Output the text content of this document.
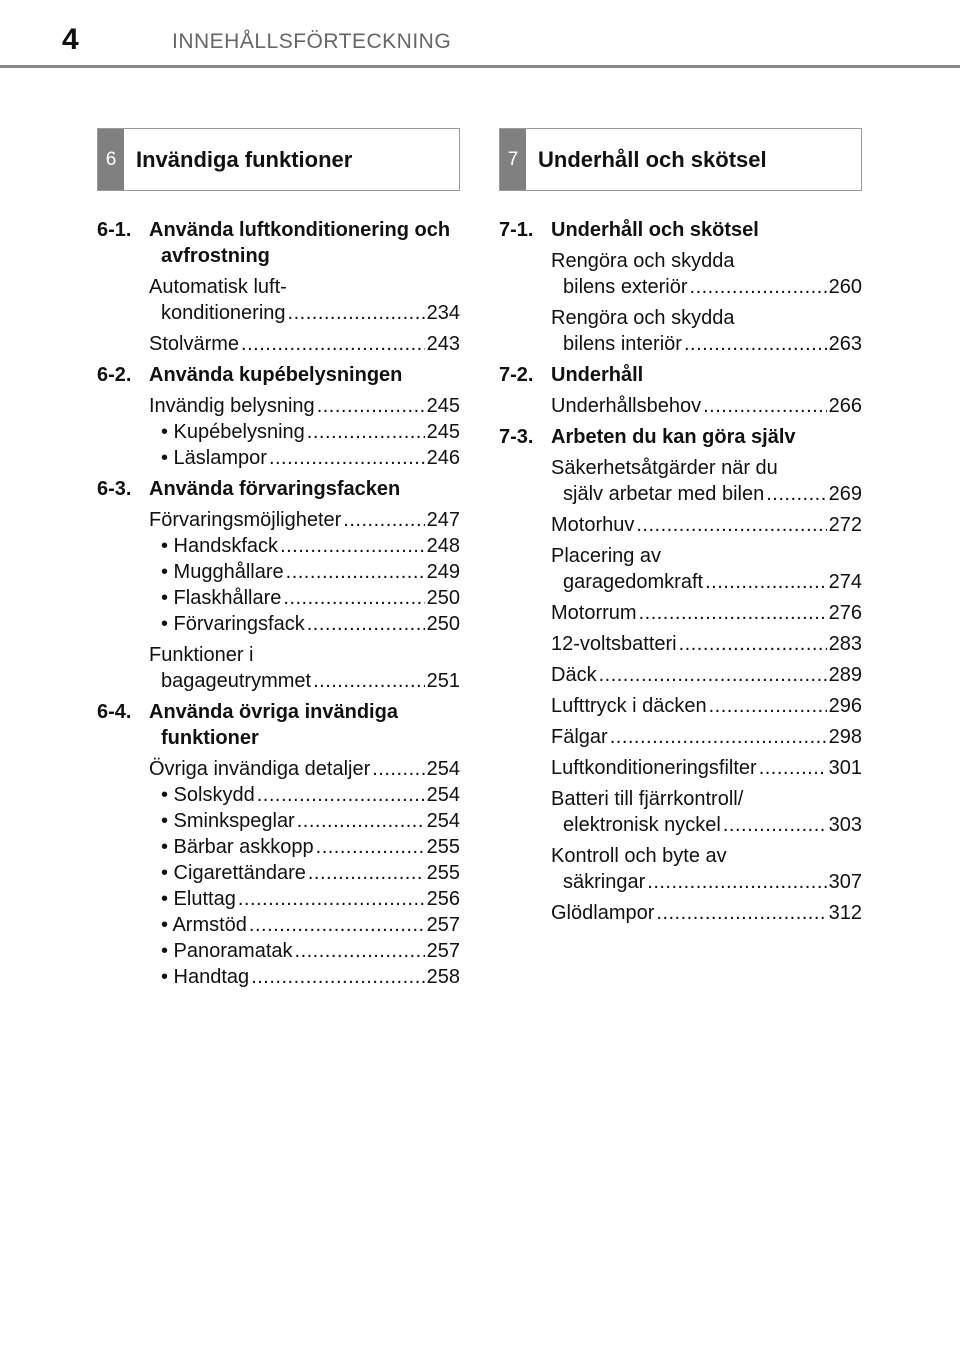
4	INNEHÅLLSFÖRTECKNING
6 Invändiga funktioner
6-1. Använda luftkonditionering och avfrostning
Automatisk luft-
konditionering .....	234
Stolvärme .....	243
6-2. Använda kupébelysningen
Invändig belysning .....	245
• Kupébelysning .....	245
• Läslampor .....	246
6-3. Använda förvaringsfacken
Förvaringsmöjligheter .....	247
• Handskfack .....	248
• Mugghållare .....	249
• Flaskhållare .....	250
• Förvaringsfack .....	250
Funktioner i
bagageutrymmet .....	251
6-4. Använda övriga invändiga funktioner
Övriga invändiga detaljer .....	254
• Solskydd .....	254
• Sminkspeglar .....	254
• Bärbar askkopp .....	255
• Cigarettändare .....	255
• Eluttag .....	256
• Armstöd .....	257
• Panoramatak .....	257
• Handtag .....	258
7 Underhåll och skötsel
7-1. Underhåll och skötsel
Rengöra och skydda
bilens exteriör .....	260
Rengöra och skydda
bilens interiör .....	263
7-2. Underhåll
Underhållsbehov .....	266
7-3. Arbeten du kan göra själv
Säkerhetsåtgärder när du
själv arbetar med bilen .....	269
Motorhuv .....	272
Placering av
garagedomkraft .....	274
Motorrum .....	276
12-voltsbatteri .....	283
Däck .....	289
Lufttryck i däcken .....	296
Fälgar .....	298
Luftkonditioneringsfilter .....	301
Batteri till fjärrkontroll/
elektronisk nyckel .....	303
Kontroll och byte av
säkringar .....	307
Glödlampor .....	312
